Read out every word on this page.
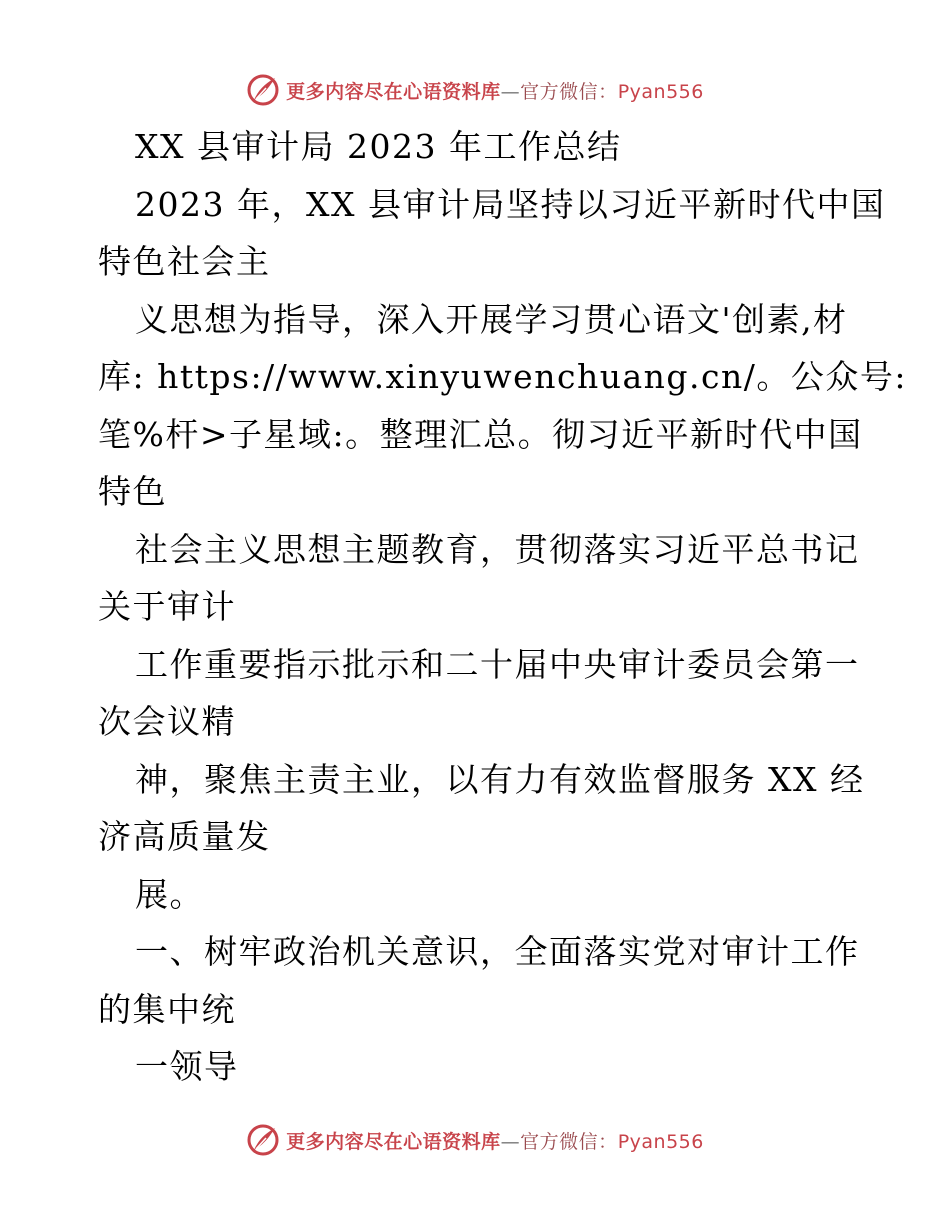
更多内容尽在心语资料库—官方微信：Pyan556
XX 县审计局 2023 年工作总结
2023 年，XX 县审计局坚持以习近平新时代中国
特色社会主
义思想为指导，深入开展学习贯心语文'创素,材
库: https://www.xinyuwenchuang.cn/。公众号:
笔%杆>子星域:。整理汇总。彻习近平新时代中国
特色
社会主义思想主题教育，贯彻落实习近平总书记
关于审计
工作重要指示批示和二十届中央审计委员会第一
次会议精
神，聚焦主责主业，以有力有效监督服务 XX 经
济高质量发
展。
一、树牢政治机关意识，全面落实党对审计工作
的集中统
一领导
更多内容尽在心语资料库—官方微信：Pyan556
